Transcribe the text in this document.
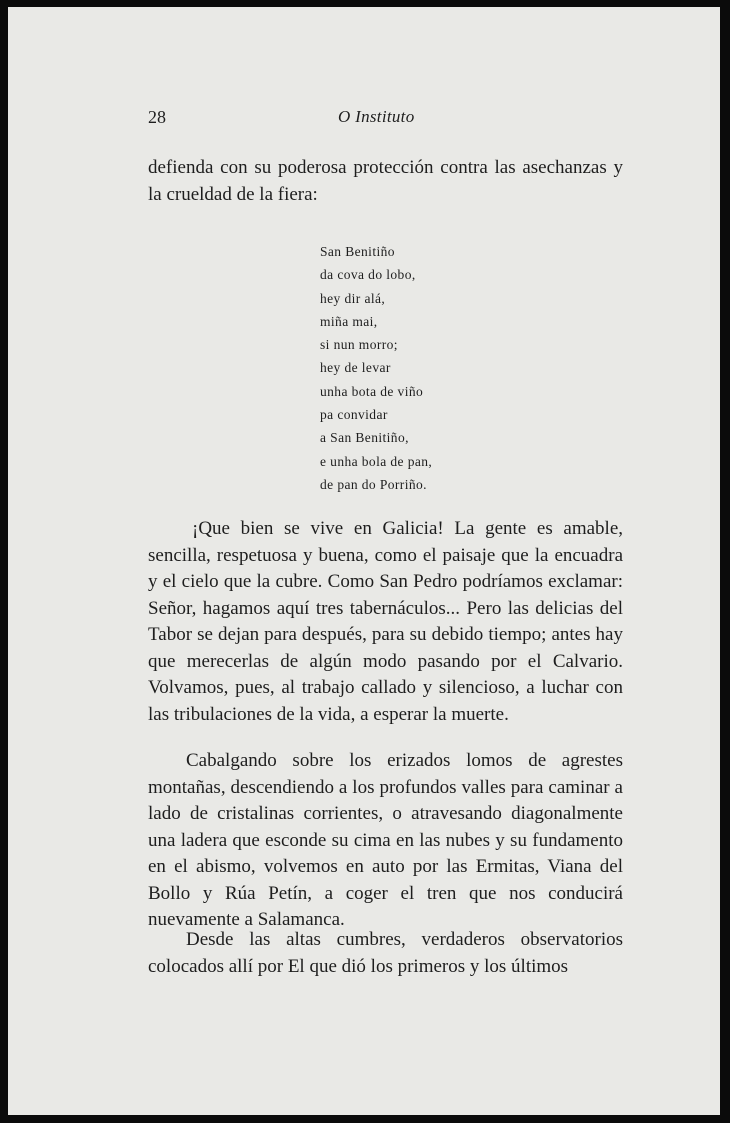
28	O Instituto

defienda con su poderosa protección contra las asechanzas y la crueldad de la fiera:

San Benitiño
da cova do lobo,
hey dir alá,
miña mai,
si nun morro;
hey de levar
unha bota de viño
pa convidar
a San Benitiño,
e unha bola de pan,
de pan do Porriño.

¡Que bien se vive en Galicia! La gente es amable, sencilla, respetuosa y buena, como el paisaje que la encuadra y el cielo que la cubre. Como San Pedro podríamos exclamar: Señor, hagamos aquí tres tabernáculos... Pero las delicias del Tabor se dejan para después, para su debido tiempo; antes hay que merecerlas de algún modo pasando por el Calvario. Volvamos, pues, al trabajo callado y silencioso, a luchar con las tribulaciones de la vida, a esperar la muerte.

Cabalgando sobre los erizados lomos de agrestes montañas, descendiendo a los profundos valles para caminar a lado de cristalinas corrientes, o atravesando diagonalmente una ladera que esconde su cima en las nubes y su fundamento en el abismo, volvemos en auto por las Ermitas, Viana del Bollo y Rúa Petín, a coger el tren que nos conducirá nuevamente a Salamanca.

Desde las altas cumbres, verdaderos observatorios colocados allí por El que dió los primeros y los últimos
